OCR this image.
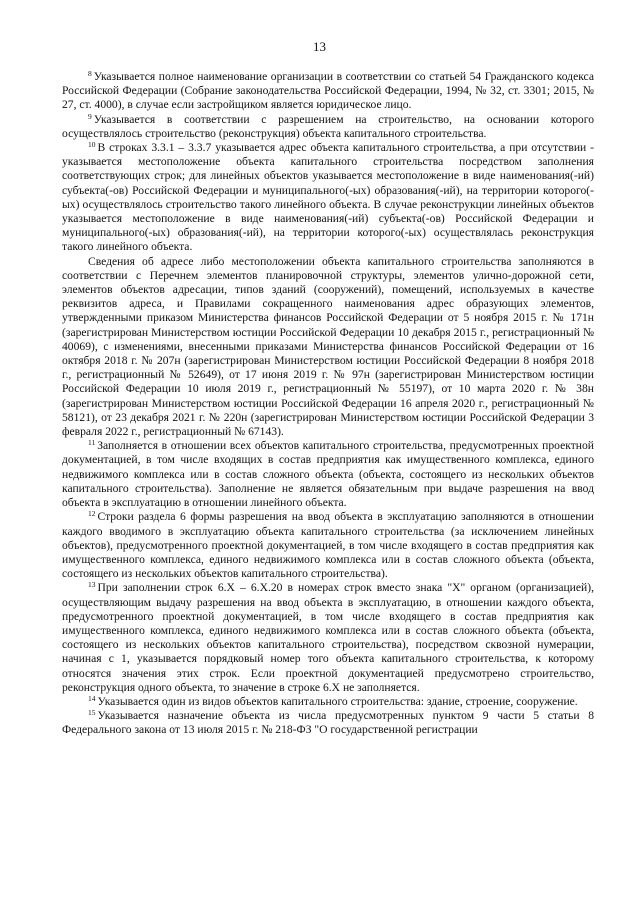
13

$^8$ Указывается полное наименование организации в соответствии со статьей 54 Гражданского кодекса Российской Федерации (Собрание законодательства Российской Федерации, 1994, № 32, ст. 3301; 2015, № 27, ст. 4000), в случае если застройщиком является юридическое лицо.

$^9$ Указывается в соответствии с разрешением на строительство, на основании которого осуществлялось строительство (реконструкция) объекта капитального строительства.

$^{10}$ В строках 3.3.1 – 3.3.7 указывается адрес объекта капитального строительства, а при отсутствии - указывается местоположение объекта капитального строительства посредством заполнения соответствующих строк; для линейных объектов указывается местоположение в виде наименования(-ий) субъекта(-ов) Российской Федерации и муниципального(-ых) образования(-ий), на территории которого(-ых) осуществлялось строительство такого линейного объекта. В случае реконструкции линейных объектов указывается местоположение в виде наименования(-ий) субъекта(-ов) Российской Федерации и муниципального(-ых) образования(-ий), на территории которого(-ых) осуществлялась реконструкция такого линейного объекта.

Сведения об адресе либо местоположении объекта капитального строительства заполняются в соответствии с Перечнем элементов планировочной структуры, элементов улично-дорожной сети, элементов объектов адресации, типов зданий (сооружений), помещений, используемых в качестве реквизитов адреса, и Правилами сокращенного наименования адрес образующих элементов, утвержденными приказом Министерства финансов Российской Федерации от 5 ноября 2015 г. № 171н (зарегистрирован Министерством юстиции Российской Федерации 10 декабря 2015 г., регистрационный № 40069), с изменениями, внесенными приказами Министерства финансов Российской Федерации от 16 октября 2018 г. № 207н (зарегистрирован Министерством юстиции Российской Федерации 8 ноября 2018 г., регистрационный № 52649), от 17 июня 2019 г. № 97н (зарегистрирован Министерством юстиции Российской Федерации 10 июля 2019 г., регистрационный № 55197), от 10 марта 2020 г. № 38н (зарегистрирован Министерством юстиции Российской Федерации 16 апреля 2020 г., регистрационный № 58121), от 23 декабря 2021 г. № 220н (зарегистрирован Министерством юстиции Российской Федерации 3 февраля 2022 г., регистрационный № 67143).

$^{11}$ Заполняется в отношении всех объектов капитального строительства, предусмотренных проектной документацией, в том числе входящих в состав предприятия как имущественного комплекса, единого недвижимого комплекса или в состав сложного объекта (объекта, состоящего из нескольких объектов капитального строительства). Заполнение не является обязательным при выдаче разрешения на ввод объекта в эксплуатацию в отношении линейного объекта.

$^{12}$ Строки раздела 6 формы разрешения на ввод объекта в эксплуатацию заполняются в отношении каждого вводимого в эксплуатацию объекта капитального строительства (за исключением линейных объектов), предусмотренного проектной документацией, в том числе входящего в состав предприятия как имущественного комплекса, единого недвижимого комплекса или в состав сложного объекта (объекта, состоящего из нескольких объектов капитального строительства).

$^{13}$ При заполнении строк 6.Х – 6.Х.20 в номерах строк вместо знака "Х" органом (организацией), осуществляющим выдачу разрешения на ввод объекта в эксплуатацию, в отношении каждого объекта, предусмотренного проектной документацией, в том числе входящего в состав предприятия как имущественного комплекса, единого недвижимого комплекса или в состав сложного объекта (объекта, состоящего из нескольких объектов капитального строительства), посредством сквозной нумерации, начиная с 1, указывается порядковый номер того объекта капитального строительства, к которому относятся значения этих строк. Если проектной документацией предусмотрено строительство, реконструкция одного объекта, то значение в строке 6.Х не заполняется.

$^{14}$ Указывается один из видов объектов капитального строительства: здание, строение, сооружение.

$^{15}$ Указывается назначение объекта из числа предусмотренных пунктом 9 части 5 статьи 8 Федерального закона от 13 июля 2015 г. № 218-ФЗ "О государственной регистрации
